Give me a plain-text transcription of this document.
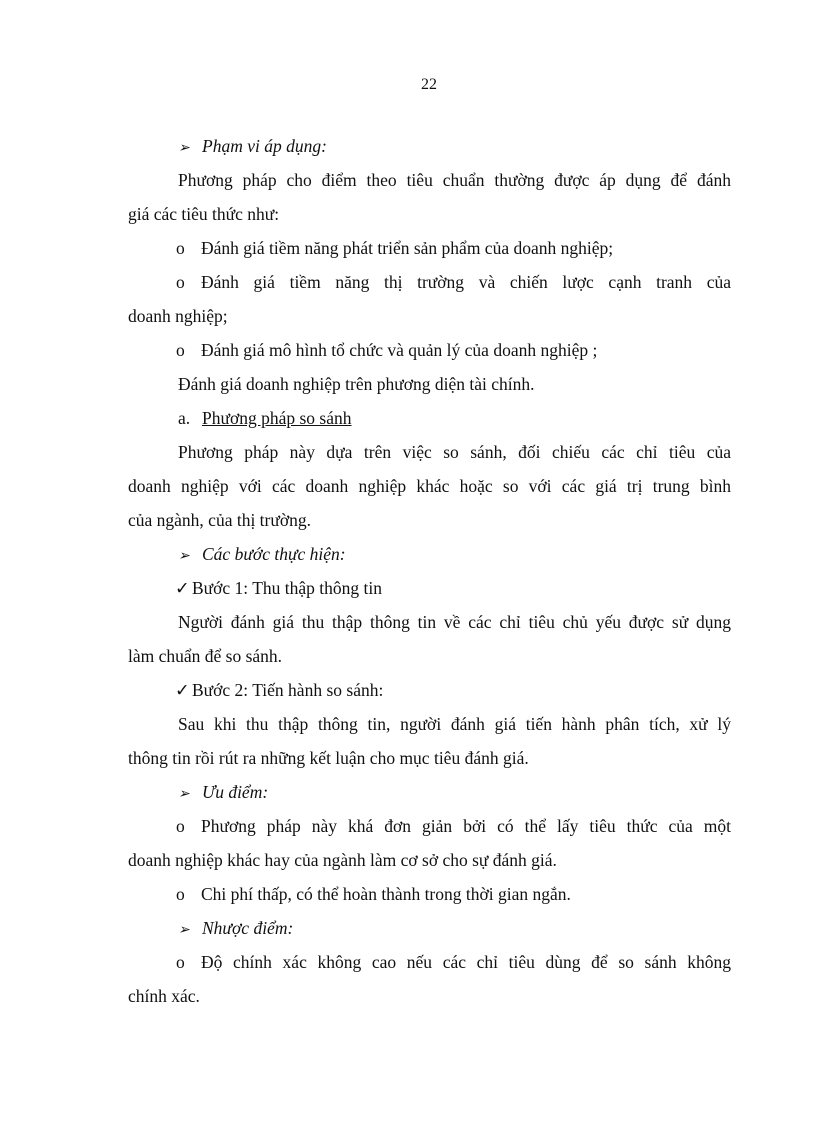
22
➢ Phạm vi áp dụng:
Phương pháp cho điểm theo tiêu chuẩn thường được áp dụng để đánh
giá các tiêu thức như:
o Đánh giá tiềm năng phát triển sản phẩm của doanh nghiệp;
o Đánh giá tiềm năng thị trường và chiến lược cạnh tranh của
doanh nghiệp;
o Đánh giá mô hình tổ chức và quản lý của doanh nghiệp ;
Đánh giá doanh nghiệp trên phương diện tài chính.
a. Phương pháp so sánh
Phương pháp này dựa trên việc so sánh, đối chiếu các chỉ tiêu của
doanh nghiệp với các doanh nghiệp khác hoặc so với các giá trị trung bình
của ngành, của thị trường.
➢ Các bước thực hiện:
✓ Bước 1: Thu thập thông tin
Người đánh giá thu thập thông tin về các chỉ tiêu chủ yếu được sử dụng
làm chuẩn để so sánh.
✓ Bước 2: Tiến hành so sánh:
Sau khi thu thập thông tin, người đánh giá tiến hành phân tích, xử lý
thông tin rồi rút ra những kết luận cho mục tiêu đánh giá.
➢ Ưu điểm:
o Phương pháp này khá đơn giản bởi có thể lấy tiêu thức của một
doanh nghiệp khác hay của ngành làm cơ sở cho sự đánh giá.
o Chi phí thấp, có thể hoàn thành trong thời gian ngắn.
➢ Nhược điểm:
o Độ chính xác không cao nếu các chỉ tiêu dùng để so sánh không
chính xác.
